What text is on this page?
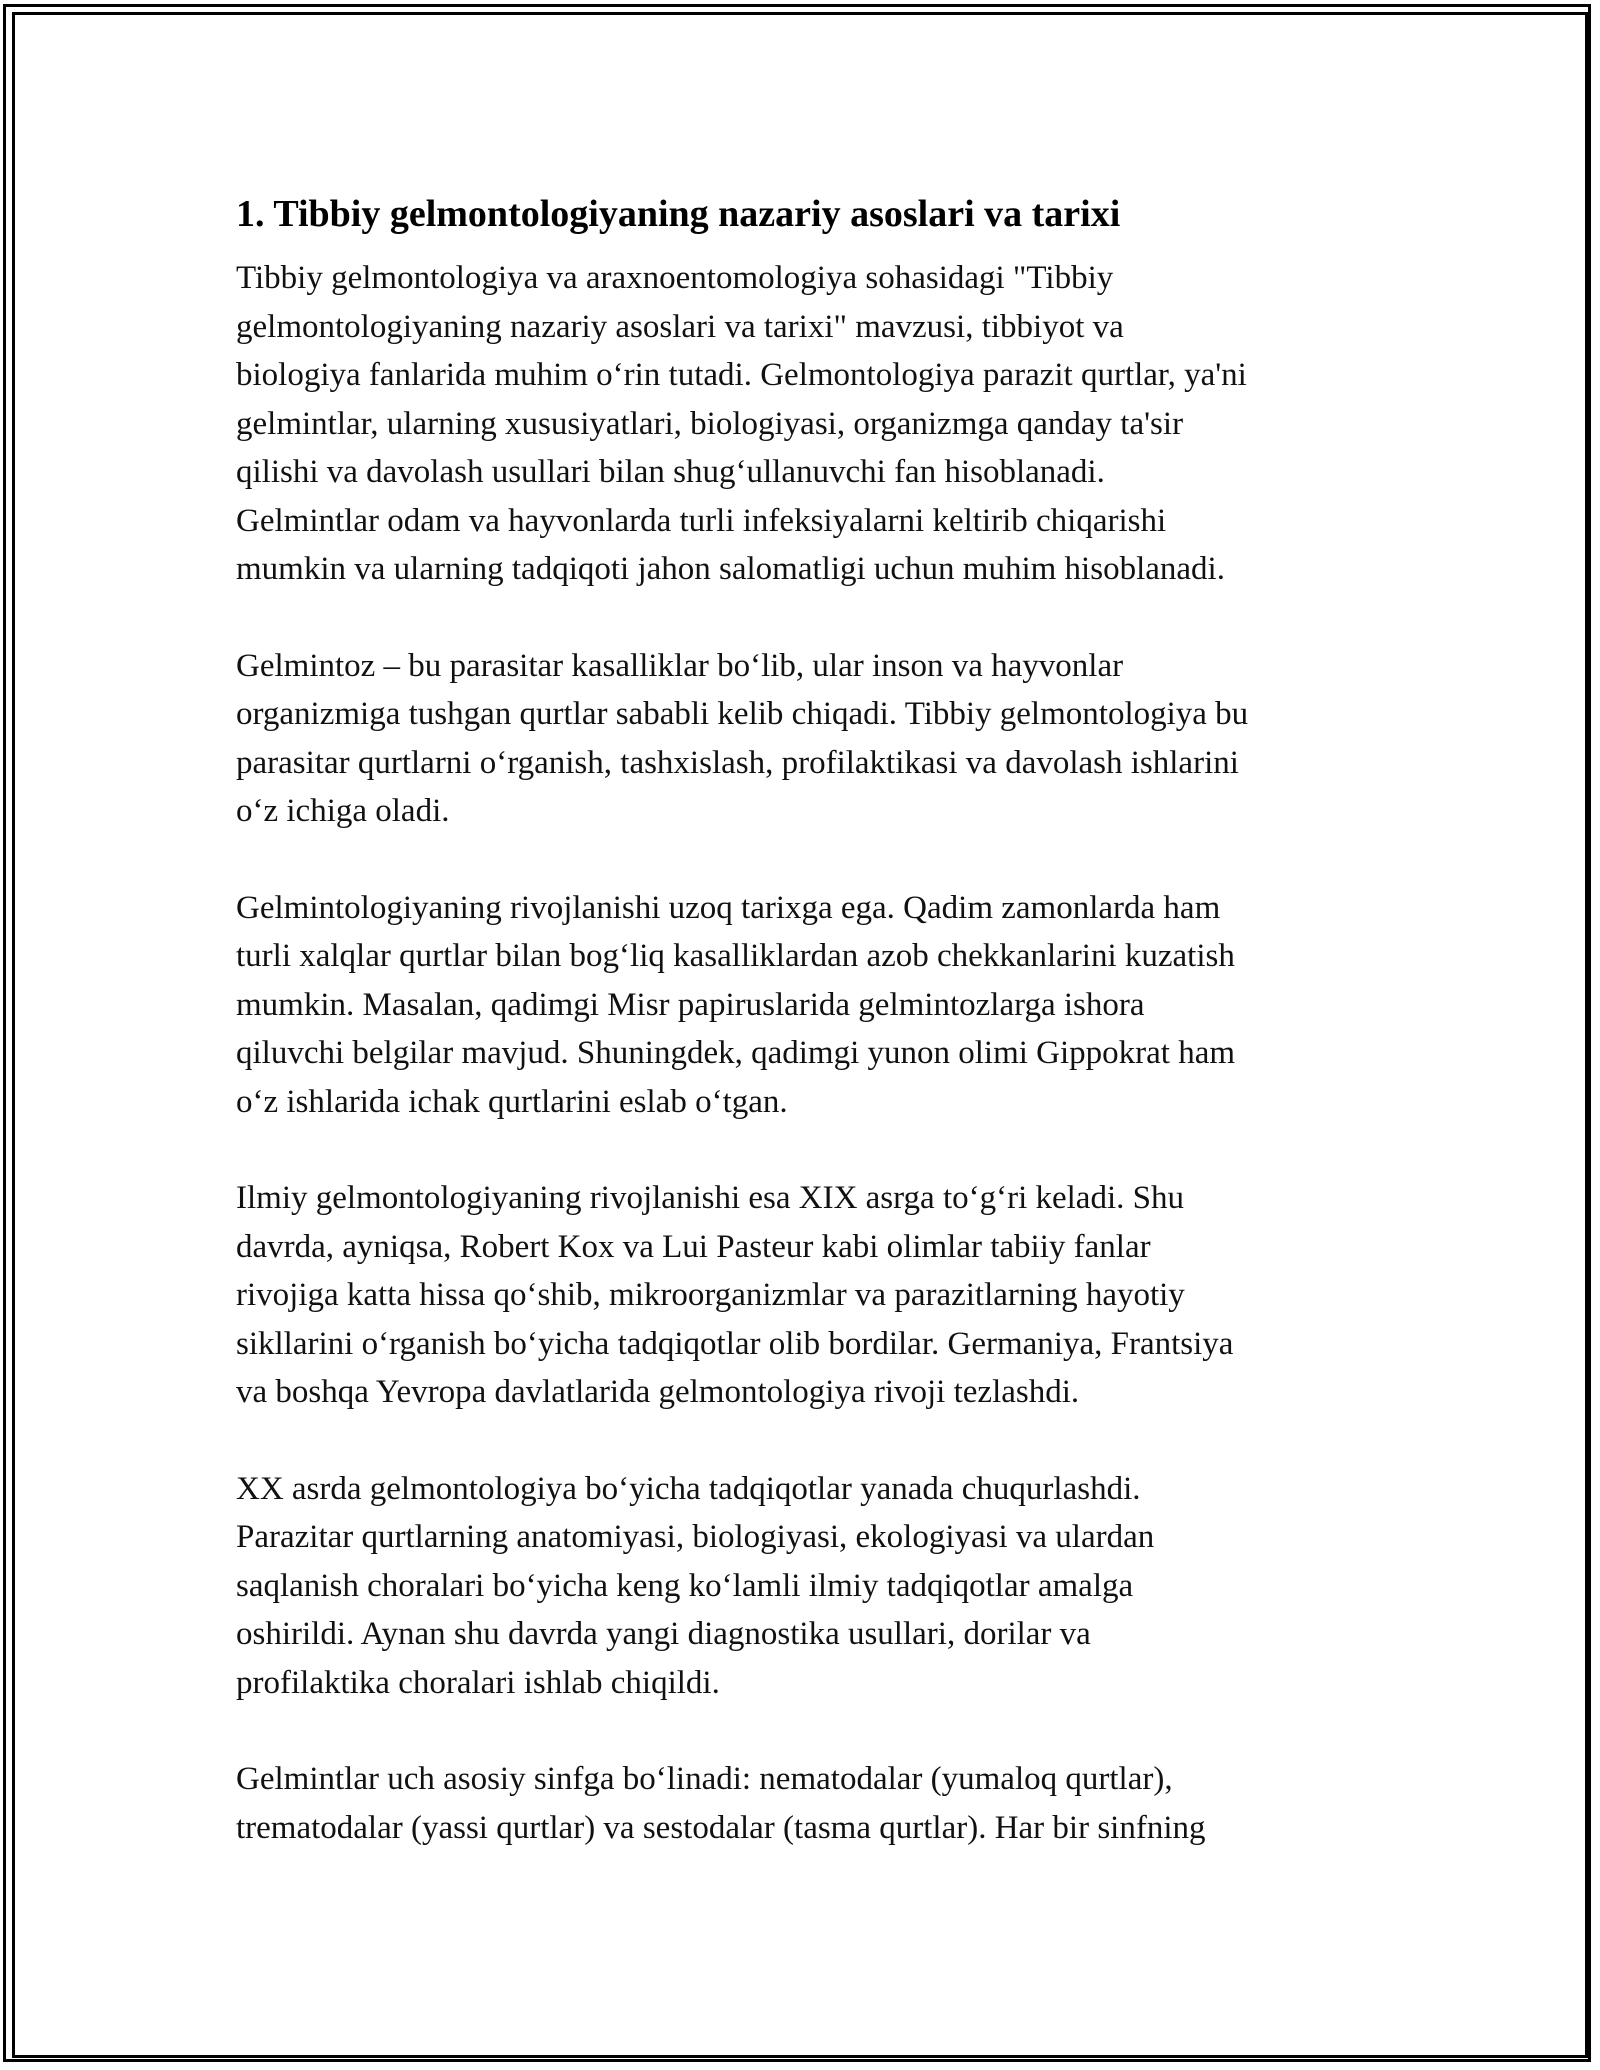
1. Tibbiy gelmontologiyaning nazariy asoslari va tarixi

Tibbiy gelmontologiya va araxnoentomologiya sohasidagi "Tibbiy
gelmontologiyaning nazariy asoslari va tarixi" mavzusi, tibbiyot va
biologiya fanlarida muhim o‘rin tutadi. Gelmontologiya parazit qurtlar, ya'ni
gelmintlar, ularning xususiyatlari, biologiyasi, organizmga qanday ta'sir
qilishi va davolash usullari bilan shug‘ullanuvchi fan hisoblanadi.
Gelmintlar odam va hayvonlarda turli infeksiyalarni keltirib chiqarishi
mumkin va ularning tadqiqoti jahon salomatligi uchun muhim hisoblanadi.

Gelmintoz – bu parasitar kasalliklar bo‘lib, ular inson va hayvonlar
organizmiga tushgan qurtlar sababli kelib chiqadi. Tibbiy gelmontologiya bu
parasitar qurtlarni o‘rganish, tashxislash, profilaktikasi va davolash ishlarini
o‘z ichiga oladi.

Gelmintologiyaning rivojlanishi uzoq tarixga ega. Qadim zamonlarda ham
turli xalqlar qurtlar bilan bog‘liq kasalliklardan azob chekkanlarini kuzatish
mumkin. Masalan, qadimgi Misr papiruslarida gelmintozlarga ishora
qiluvchi belgilar mavjud. Shuningdek, qadimgi yunon olimi Gippokrat ham
o‘z ishlarida ichak qurtlarini eslab o‘tgan.

Ilmiy gelmontologiyaning rivojlanishi esa XIX asrga to‘g‘ri keladi. Shu
davrda, ayniqsa, Robert Kox va Lui Pasteur kabi olimlar tabiiy fanlar
rivojiga katta hissa qo‘shib, mikroorganizmlar va parazitlarning hayotiy
sikllarini o‘rganish bo‘yicha tadqiqotlar olib bordilar. Germaniya, Frantsiya
va boshqa Yevropa davlatlarida gelmontologiya rivoji tezlashdi.

XX asrda gelmontologiya bo‘yicha tadqiqotlar yanada chuqurlashdi.
Parazitar qurtlarning anatomiyasi, biologiyasi, ekologiyasi va ulardan
saqlanish choralari bo‘yicha keng ko‘lamli ilmiy tadqiqotlar amalga
oshirildi. Aynan shu davrda yangi diagnostika usullari, dorilar va
profilaktika choralari ishlab chiqildi.

Gelmintlar uch asosiy sinfga bo‘linadi: nematodalar (yumaloq qurtlar),
trematodalar (yassi qurtlar) va sestodalar (tasma qurtlar). Har bir sinfning
